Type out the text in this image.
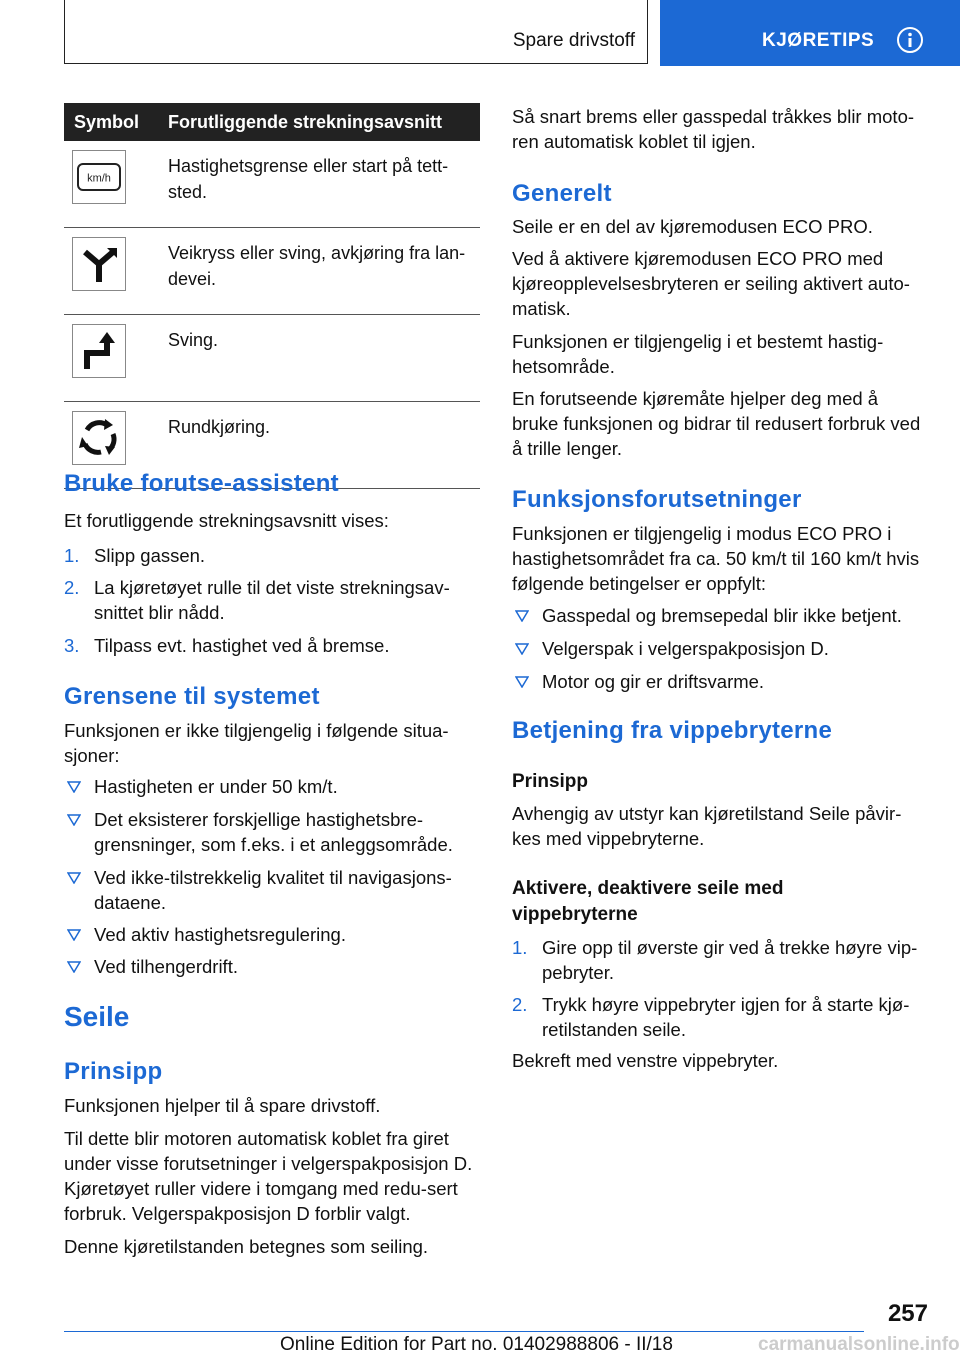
Spare drivstoff	KJØRETIPS
Symbol	Forutliggende strekningsavsnitt

km/h	Hastighetsgrense eller start på tett-sted.

	Veikryss eller sving, avkjøring fra lan-devei.

	Sving.

	Rundkjøring.
Bruke forutse-assistent
Et forutliggende strekningsavsnitt vises:
1. Slipp gassen.
2. La kjøretøyet rulle til det viste strekningsav-snittet blir nådd.
3. Tilpass evt. hastighet ved å bremse.
Grensene til systemet
Funksjonen er ikke tilgjengelig i følgende situa-sjoner:
Hastigheten er under 50 km/t.
Det eksisterer forskjellige hastighetsbre-grensninger, som f.eks. i et anleggsområde.
Ved ikke-tilstrekkelig kvalitet til navigasjons-dataene.
Ved aktiv hastighetsregulering.
Ved tilhengerdrift.
Seile
Prinsipp
Funksjonen hjelper til å spare drivstoff.
Til dette blir motoren automatisk koblet fra giret under visse forutsetninger i velgerspakposisjon D. Kjøretøyet ruller videre i tomgang med redu-sert forbruk. Velgerspakposisjon D forblir valgt.
Denne kjøretilstanden betegnes som seiling.
Så snart brems eller gasspedal tråkkes blir moto-ren automatisk koblet til igjen.
Generelt
Seile er en del av kjøremodusen ECO PRO.
Ved å aktivere kjøremodusen ECO PRO med kjøreopplevelsesbryteren er seiling aktivert auto-matisk.
Funksjonen er tilgjengelig i et bestemt hastig-hetsområde.
En forutseende kjøremåte hjelper deg med å bruke funksjonen og bidrar til redusert forbruk ved å trille lenger.
Funksjonsforutsetninger
Funksjonen er tilgjengelig i modus ECO PRO i hastighetsområdet fra ca. 50 km/t til 160 km/t hvis følgende betingelser er oppfylt:
Gasspedal og bremsepedal blir ikke betjent.
Velgerspak i velgerspakposisjon D.
Motor og gir er driftsvarme.
Betjening fra vippebryterne
Prinsipp
Avhengig av utstyr kan kjøretilstand Seile påvir-kes med vippebryterne.
Aktivere, deaktivere seile med vippebryterne
1. Gire opp til øverste gir ved å trekke høyre vip-pebryter.
2. Trykk høyre vippebryter igjen for å starte kjø-retilstanden seile.
Bekreft med venstre vippebryter.
257
Online Edition for Part no. 01402988806 - II/18	carmanualsonline.info
